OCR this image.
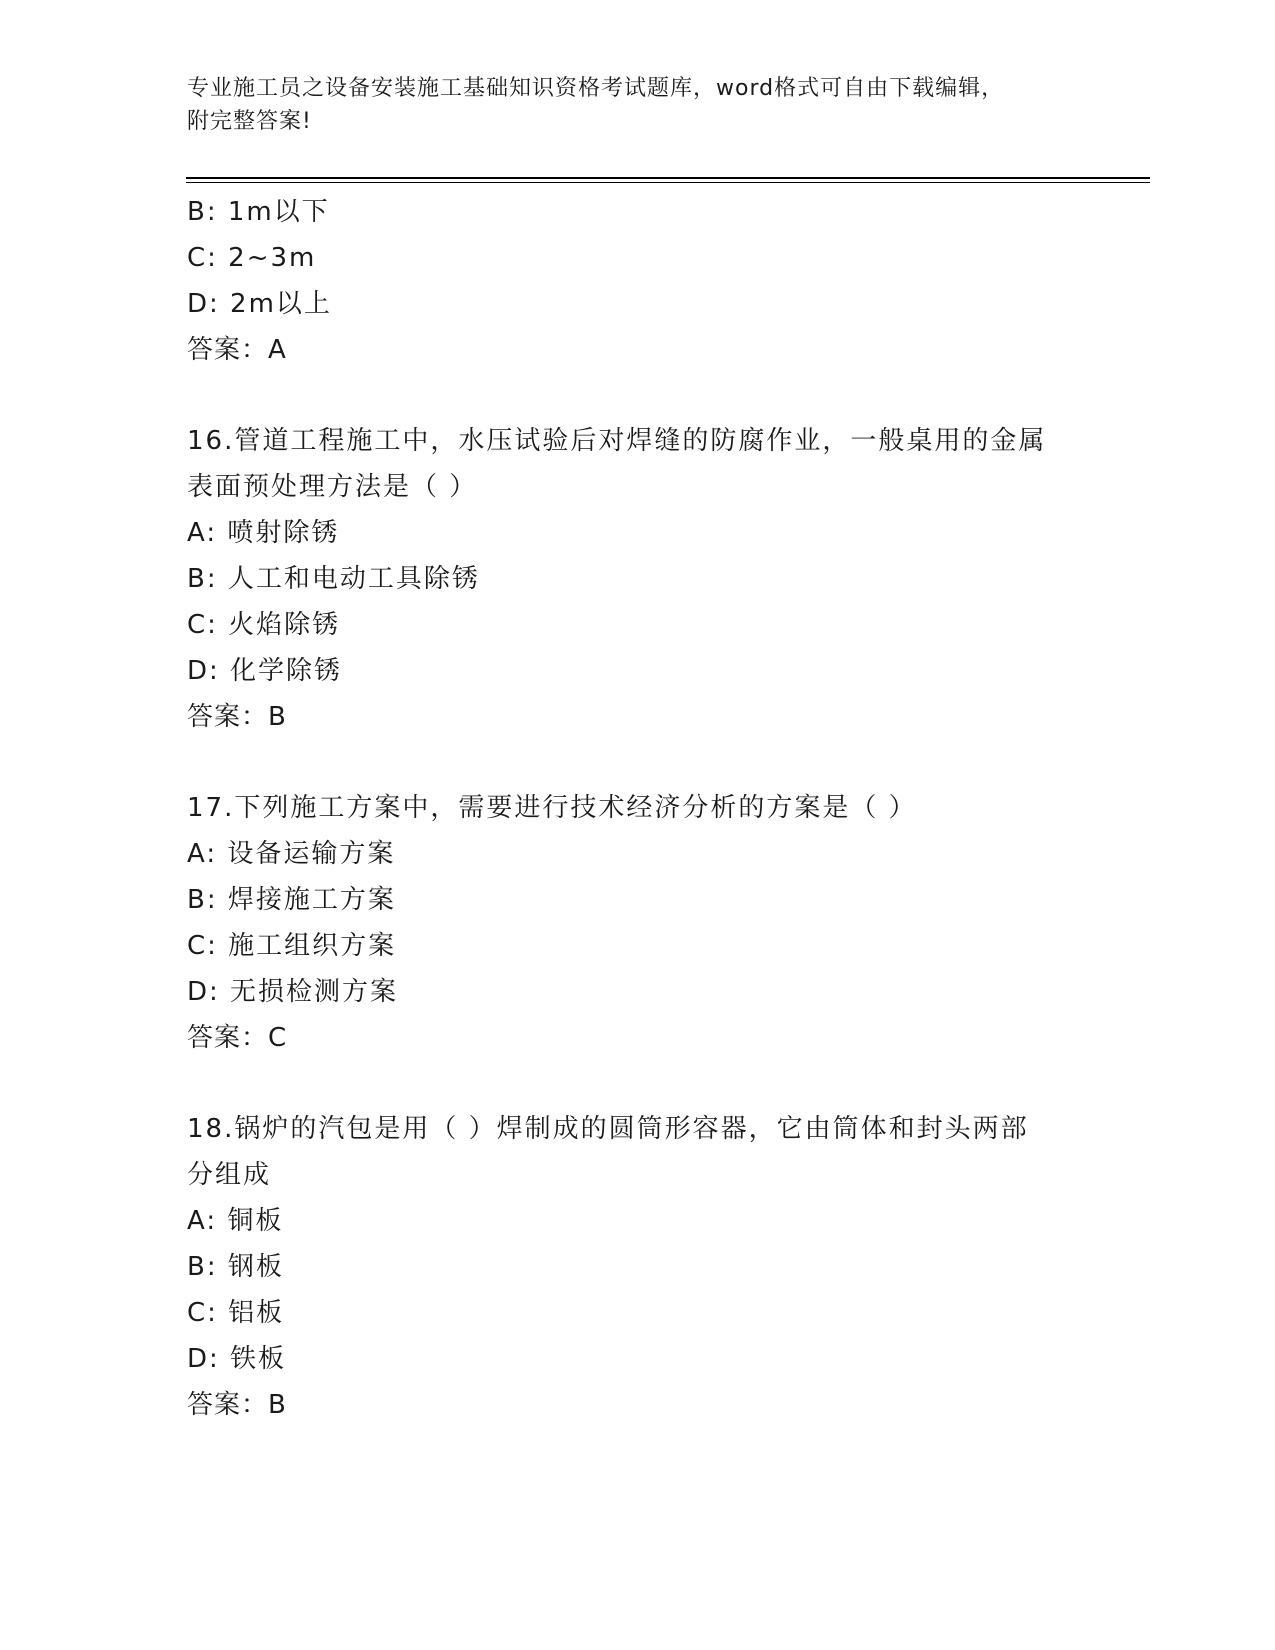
专业施工员之设备安装施工基础知识资格考试题库，word格式可自由下载编辑，
附完整答案!
B: 1m以下
C: 2~3m
D: 2m以上
答案：A
16.管道工程施工中，水压试验后对焊缝的防腐作业，一般桌用的金属
表面预处理方法是（ ）
A: 喷射除锈
B: 人工和电动工具除锈
C: 火焰除锈
D: 化学除锈
答案：B
17.下列施工方案中，需要进行技术经济分析的方案是（ ）
A: 设备运输方案
B: 焊接施工方案
C: 施工组织方案
D: 无损检测方案
答案：C
18.锅炉的汽包是用（ ）焊制成的圆筒形容器，它由筒体和封头两部
分组成
A: 铜板
B: 钢板
C: 铝板
D: 铁板
答案：B
